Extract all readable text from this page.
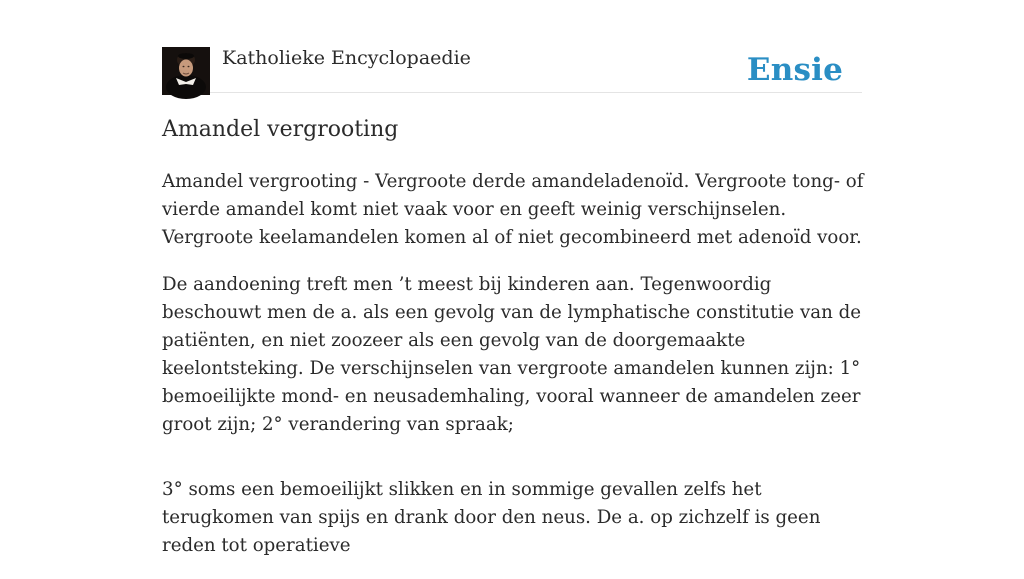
Katholieke Encyclopaedie	Ensie
Amandel vergrooting

Amandel vergrooting - Vergroote derde amandeladenoïd. Vergroote tong- of vierde amandel komt niet vaak voor en geeft weinig verschijnselen. Vergroote keelamandelen komen al of niet gecombineerd met adenoïd voor.

De aandoening treft men ’t meest bij kinderen aan. Tegenwoordig beschouwt men de a. als een gevolg van de lymphatische constitutie van de patiënten, en niet zoozeer als een gevolg van de doorgemaakte keelontsteking. De verschijnselen van vergroote amandelen kunnen zijn: 1° bemoeilijkte mond- en neusademhaling, vooral wanneer de amandelen zeer groot zijn; 2° verandering van spraak;

3° soms een bemoeilijkt slikken en in sommige gevallen zelfs het terugkomen van spijs en drank door den neus. De a. op zichzelf is geen reden tot operatieve
